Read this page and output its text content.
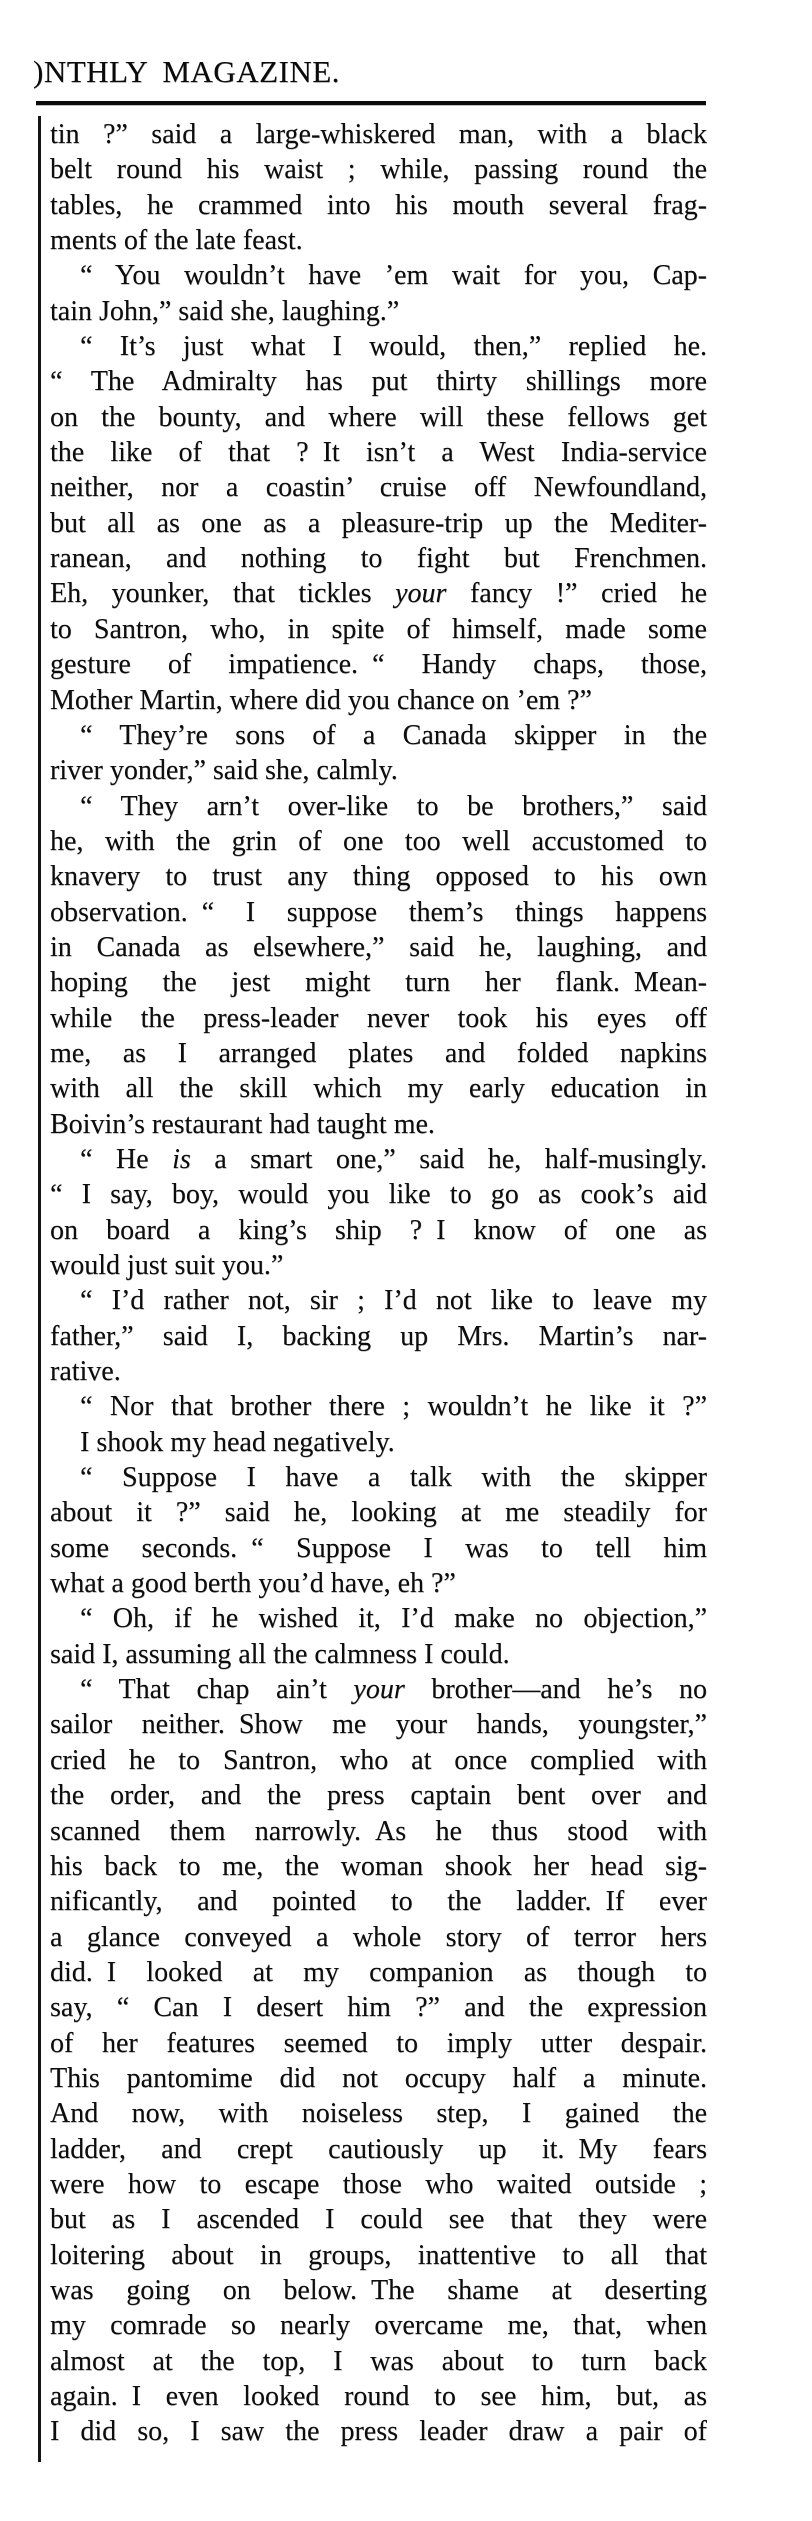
)NTHLY MAGAZINE.
tin ?” said a large-whiskered man, with a black
belt round his waist ; while, passing round the
tables, he crammed into his mouth several frag-
ments of the late feast.
“ You wouldn’t have ’em wait for you, Cap-
tain John,” said she, laughing.”
“ It’s just what I would, then,” replied he.
“ The Admiralty has put thirty shillings more
on the bounty, and where will these fellows get
the like of that ? It isn’t a West India-service
neither, nor a coastin’ cruise off Newfoundland,
but all as one as a pleasure-trip up the Mediter-
ranean, and nothing to fight but Frenchmen.
Eh, younker, that tickles your fancy !” cried he
to Santron, who, in spite of himself, made some
gesture of impatience. “ Handy chaps, those,
Mother Martin, where did you chance on ’em ?”
“ They’re sons of a Canada skipper in the
river yonder,” said she, calmly.
“ They arn’t over-like to be brothers,” said
he, with the grin of one too well accustomed to
knavery to trust any thing opposed to his own
observation. “ I suppose them’s things happens
in Canada as elsewhere,” said he, laughing, and
hoping the jest might turn her flank. Mean-
while the press-leader never took his eyes off
me, as I arranged plates and folded napkins
with all the skill which my early education in
Boivin’s restaurant had taught me.
“ He is a smart one,” said he, half-musingly.
“ I say, boy, would you like to go as cook’s aid
on board a king’s ship ? I know of one as
would just suit you.”
“ I’d rather not, sir ; I’d not like to leave my
father,” said I, backing up Mrs. Martin’s nar-
rative.
“ Nor that brother there ; wouldn’t he like it ?”
I shook my head negatively.
“ Suppose I have a talk with the skipper
about it ?” said he, looking at me steadily for
some seconds. “ Suppose I was to tell him
what a good berth you’d have, eh ?”
“ Oh, if he wished it, I’d make no objection,”
said I, assuming all the calmness I could.
“ That chap ain’t your brother—and he’s no
sailor neither. Show me your hands, youngster,”
cried he to Santron, who at once complied with
the order, and the press captain bent over and
scanned them narrowly. As he thus stood with
his back to me, the woman shook her head sig-
nificantly, and pointed to the ladder. If ever
a glance conveyed a whole story of terror hers
did. I looked at my companion as though to
say, “ Can I desert him ?” and the expression
of her features seemed to imply utter despair.
This pantomime did not occupy half a minute.
And now, with noiseless step, I gained the
ladder, and crept cautiously up it. My fears
were how to escape those who waited outside ;
but as I ascended I could see that they were
loitering about in groups, inattentive to all that
was going on below. The shame at deserting
my comrade so nearly overcame me, that, when
almost at the top, I was about to turn back
again. I even looked round to see him, but, as
I did so, I saw the press leader draw a pair of
